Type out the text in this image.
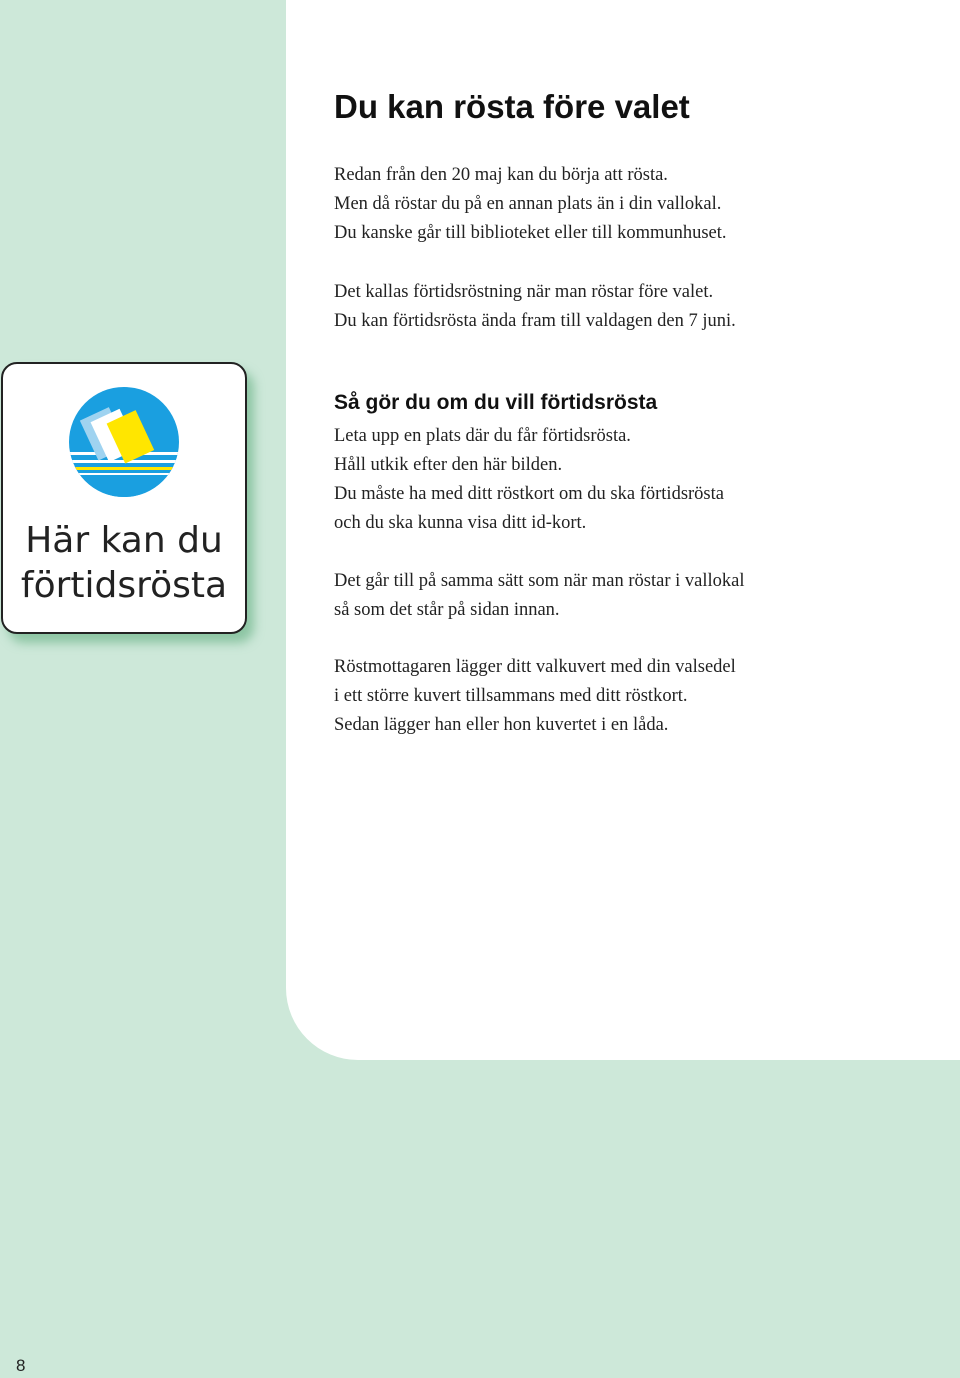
Du kan rösta före valet

Redan från den 20 maj kan du börja att rösta.
Men då röstar du på en annan plats än i din vallokal.
Du kanske går till biblioteket eller till kommunhuset.

Det kallas förtidsröstning när man röstar före valet.
Du kan förtidsrösta ända fram till valdagen den 7 juni.

Här kan du
förtidsrösta
Så gör du om du vill förtidsrösta

Leta upp en plats där du får förtidsrösta.
Håll utkik efter den här bilden.
Du måste ha med ditt röstkort om du ska förtidsrösta
och du ska kunna visa ditt id-kort.

Det går till på samma sätt som när man röstar i vallokal
så som det står på sidan innan.

Röstmottagaren lägger ditt valkuvert med din valsedel
i ett större kuvert tillsammans med ditt röstkort.
Sedan lägger han eller hon kuvertet i en låda.

8
